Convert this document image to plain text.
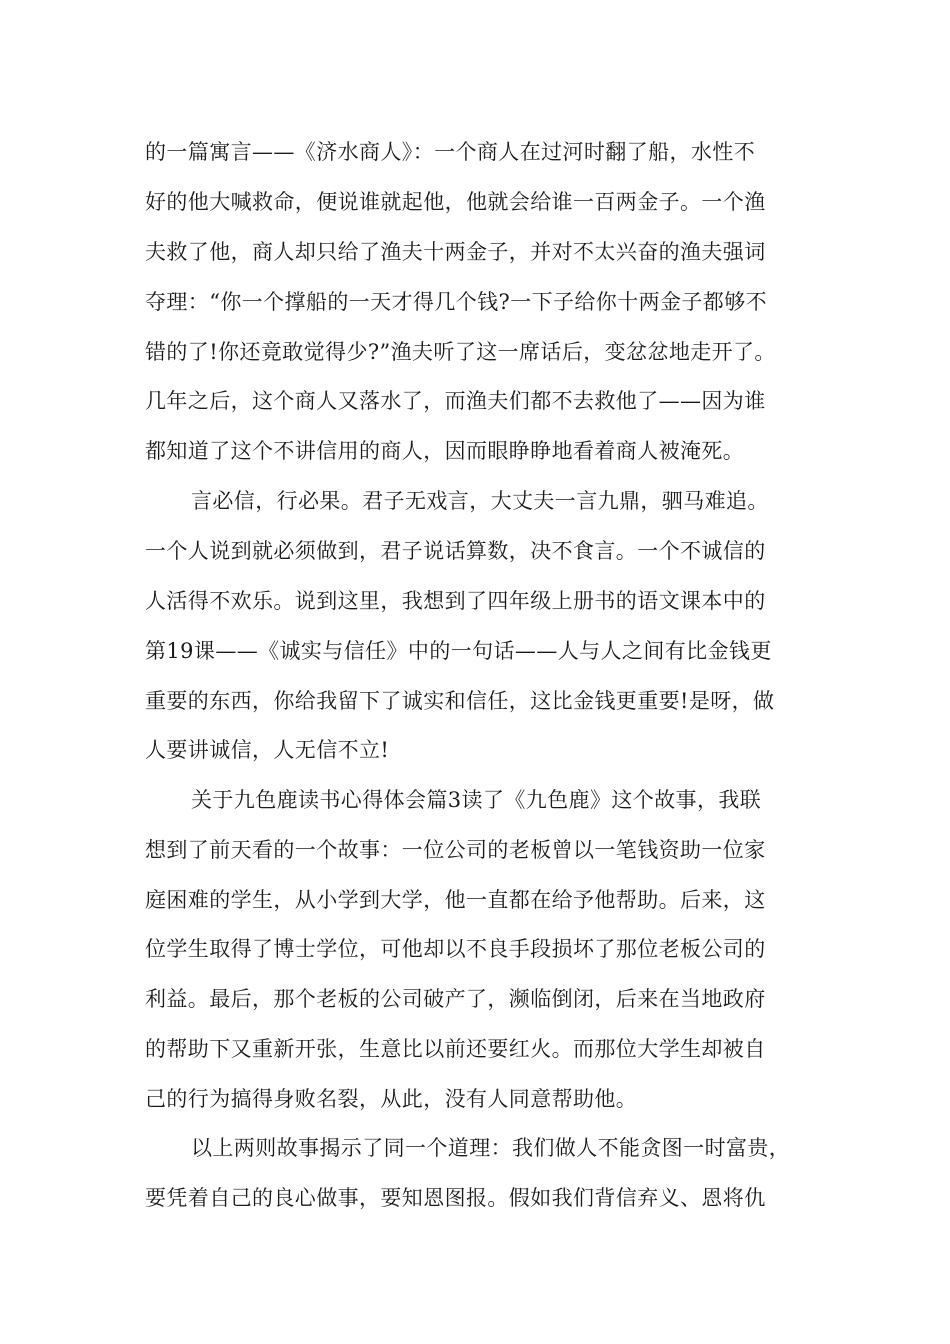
的一篇寓言——《济水商人》：一个商人在过河时翻了船，水性不
好的他大喊救命，便说谁就起他，他就会给谁一百两金子。一个渔
夫救了他，商人却只给了渔夫十两金子，并对不太兴奋的渔夫强词
夺理：“你一个撑船的一天才得几个钱?一下子给你十两金子都够不
错的了!你还竟敢觉得少?”渔夫听了这一席话后，变忿忿地走开了。
几年之后，这个商人又落水了，而渔夫们都不去救他了——因为谁
都知道了这个不讲信用的商人，因而眼睁睁地看着商人被淹死。
言必信，行必果。君子无戏言，大丈夫一言九鼎，驷马难追。
一个人说到就必须做到，君子说话算数，决不食言。一个不诚信的
人活得不欢乐。说到这里，我想到了四年级上册书的语文课本中的
第19课——《诚实与信任》中的一句话——人与人之间有比金钱更
重要的东西，你给我留下了诚实和信任，这比金钱更重要!是呀，做
人要讲诚信，人无信不立!
关于九色鹿读书心得体会篇3读了《九色鹿》这个故事，我联
想到了前天看的一个故事：一位公司的老板曾以一笔钱资助一位家
庭困难的学生，从小学到大学，他一直都在给予他帮助。后来，这
位学生取得了博士学位，可他却以不良手段损坏了那位老板公司的
利益。最后，那个老板的公司破产了，濒临倒闭，后来在当地政府
的帮助下又重新开张，生意比以前还要红火。而那位大学生却被自
己的行为搞得身败名裂，从此，没有人同意帮助他。
以上两则故事揭示了同一个道理：我们做人不能贪图一时富贵，
要凭着自己的良心做事，要知恩图报。假如我们背信弃义、恩将仇
